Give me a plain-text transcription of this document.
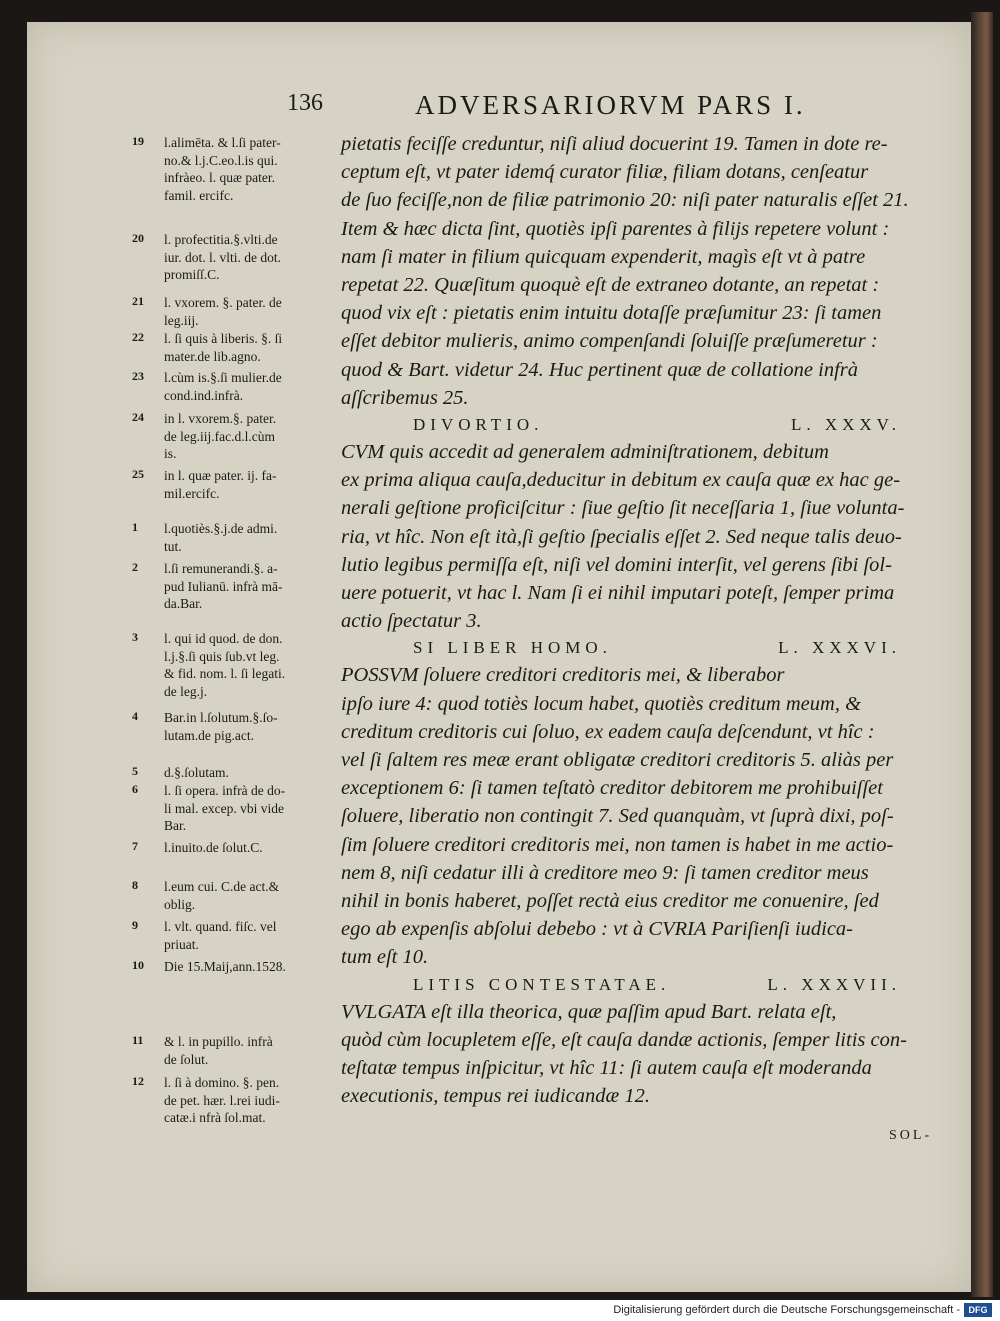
136	ADVERSARIORVM PARS I.
19	l.alimēta. & l.ſi pater-
no.& l.j.C.eo.l.is qui.
infràeo. l. quæ pater.
famil. ercifc.
20	l. profectitia.§.vlti.de
iur. dot. l. vlti. de dot.
promiſſ.C.
21	l. vxorem. §. pater. de
leg.iij.
22	l. ſi quis à liberis. §. ſi
mater.de lib.agno.
23	l.cùm is.§.ſi mulier.de
cond.ind.infrà.
24	in l. vxorem.§. pater.
de leg.iij.fac.d.l.cùm
is.
25	in l. quæ pater. ij. fa-
mil.ercifc.
1	l.quotiès.§.j.de admi.
tut.
2	l.ſi remunerandi.§. a-
pud Iulianū. infrà mā-
da.Bar.
3	l. qui id quod. de don.
l.j.§.ſi quis ſub.vt leg.
& fid. nom. l. ſi legati.
de leg.j.
4	Bar.in l.ſolutum.§.ſo-
lutam.de pig.act.
5	d.§.ſolutam.
6	l. ſi opera. infrà de do-
li mal. excep. vbi vide
Bar.
7	l.inuito.de ſolut.C.
8	l.eum cui. C.de act.&
oblig.
9	l. vlt. quand. fiſc. vel
priuat.
10	Die 15.Maij,ann.1528.
11	& l. in pupillo. infrà
de ſolut.
12	l. ſi à domino. §. pen.
de pet. hær. l.rei iudi-
catæ.i nfrà ſol.mat.

pietatis feciſſe creduntur, niſi aliud docuerint 19. Tamen in dote re-
ceptum eſt, vt pater idemq́ curator filiæ, filiam dotans, cenſeatur
de ſuo feciſſe,non de filiæ patrimonio 20: niſi pater naturalis eſſet 21.
Item & hæc dicta ſint, quotiès ipſi parentes à filijs repetere volunt :
nam ſi mater in filium quicquam expenderit, magìs eſt vt à patre
repetat 22. Quæſitum quoquè eſt de extraneo dotante, an repetat :
quod vix eſt : pietatis enim intuitu dotaſſe præſumitur 23: ſi tamen
eſſet debitor mulieris, animo compenſandi ſoluiſſe præſumeretur :
quod & Bart. videtur 24. Huc pertinent quæ de collatione infrà
aſſcribemus 25.

DIVORTIO.	L. XXXV.

CVM quis accedit ad generalem adminiſtrationem, debitum
ex prima aliqua cauſa,deducitur in debitum ex cauſa quæ ex hac ge-
nerali geſtione proficiſcitur : ſiue geſtio ſit neceſſaria 1, ſiue volunta-
ria, vt hîc. Non eſt ità,ſi geſtio ſpecialis eſſet 2. Sed neque talis deuo-
lutio legibus permiſſa eſt, niſi vel domini interſit, vel gerens ſibi ſol-
uere potuerit, vt hac l. Nam ſi ei nihil imputari poteſt, ſemper prima
actio ſpectatur 3.

SI LIBER HOMO.	L. XXXVI.

POSSVM ſoluere creditori creditoris mei, & liberabor
ipſo iure 4: quod totiès locum habet, quotiès creditum meum, &
creditum creditoris cui ſoluo, ex eadem cauſa deſcendunt, vt hîc :
vel ſi ſaltem res meæ erant obligatæ creditori creditoris 5. aliàs per
exceptionem 6: ſi tamen teſtatò creditor debitorem me prohibuiſſet
ſoluere, liberatio non contingit 7. Sed quanquàm, vt ſuprà dixi, poſ-
ſim ſoluere creditori creditoris mei, non tamen is habet in me actio-
nem 8, niſi cedatur illi à creditore meo 9: ſi tamen creditor meus
nihil in bonis haberet, poſſet rectà eius creditor me conuenire, ſed
ego ab expenſis abſolui debebo : vt à CVRIA Pariſienſi iudica-
tum eſt 10.

LITIS CONTESTATAE.	L. XXXVII.

VVLGATA eſt illa theorica, quæ paſſim apud Bart. relata eſt,
quòd cùm locupletem eſſe, eſt cauſa dandæ actionis, ſemper litis con-
teſtatæ tempus inſpicitur, vt hîc 11: ſi autem cauſa eſt moderanda
executionis, tempus rei iudicandæ 12.

SOL-
Digitalisierung gefördert durch die Deutsche Forschungsgemeinschaft - DFG
